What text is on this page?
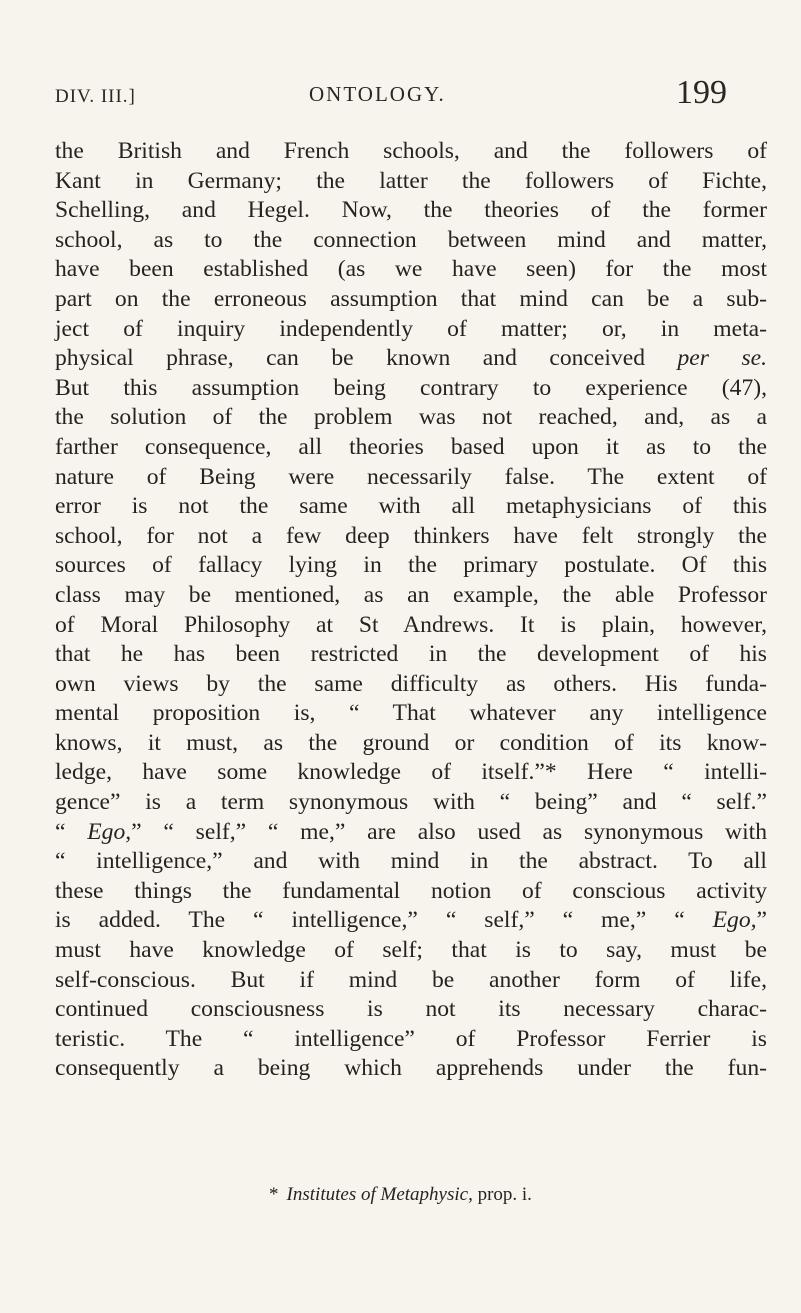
DIV. III.]	ONTOLOGY.	199
the British and French schools, and the followers of
Kant in Germany; the latter the followers of Fichte,
Schelling, and Hegel. Now, the theories of the former
school, as to the connection between mind and matter,
have been established (as we have seen) for the most
part on the erroneous assumption that mind can be a sub-
ject of inquiry independently of matter; or, in meta-
physical phrase, can be known and conceived per se.
But this assumption being contrary to experience (47),
the solution of the problem was not reached, and, as a
farther consequence, all theories based upon it as to the
nature of Being were necessarily false. The extent of
error is not the same with all metaphysicians of this
school, for not a few deep thinkers have felt strongly the
sources of fallacy lying in the primary postulate. Of this
class may be mentioned, as an example, the able Professor
of Moral Philosophy at St Andrews. It is plain, however,
that he has been restricted in the development of his
own views by the same difficulty as others. His funda-
mental proposition is, “ That whatever any intelligence
knows, it must, as the ground or condition of its know-
ledge, have some knowledge of itself.”* Here “ intelli-
gence” is a term synonymous with “ being” and “ self.”
“ Ego,” “ self,” “ me,” are also used as synonymous with
“ intelligence,” and with mind in the abstract. To all
these things the fundamental notion of conscious activity
is added. The “ intelligence,” “ self,” “ me,” “ Ego,”
must have knowledge of self; that is to say, must be
self-conscious. But if mind be another form of life,
continued consciousness is not its necessary charac-
teristic. The “ intelligence” of Professor Ferrier is
consequently a being which apprehends under the fun-
* Institutes of Metaphysic, prop. i.
